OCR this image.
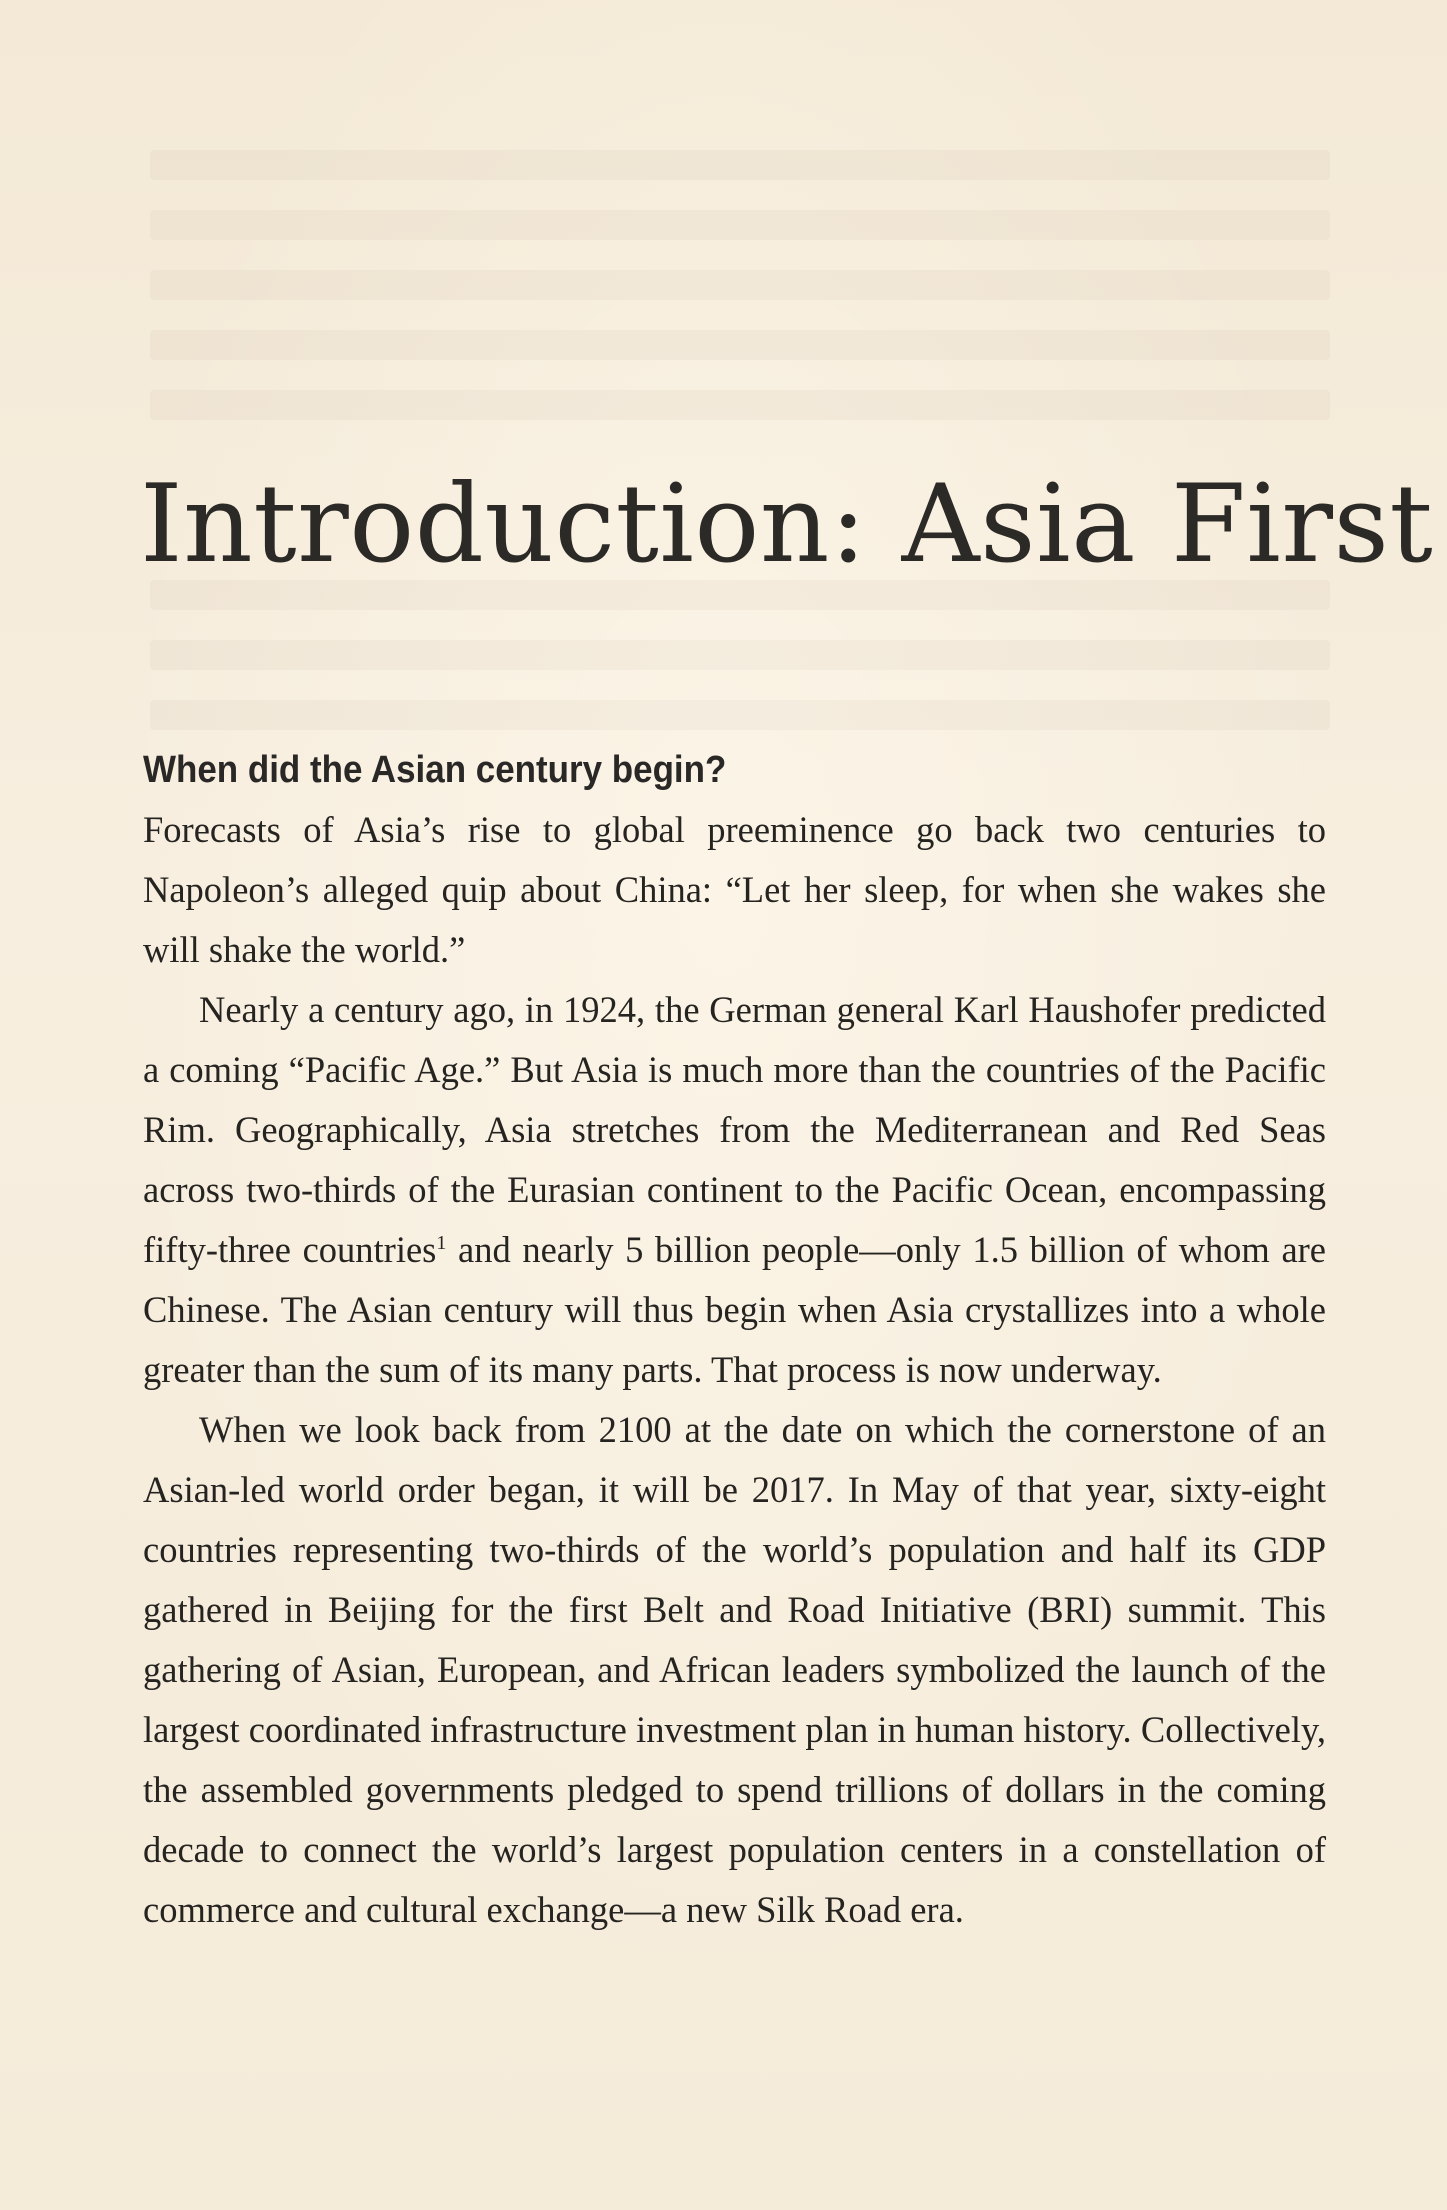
Introduction: Asia First
When did the Asian century begin?

Forecasts of Asia’s rise to global preeminence go back two centuries to Napoleon’s alleged quip about China: “Let her sleep, for when she wakes she will shake the world.”

Nearly a century ago, in 1924, the German general Karl Haushofer predicted a coming “Pacific Age.” But Asia is much more than the countries of the Pacific Rim. Geographically, Asia stretches from the Mediterranean and Red Seas across two-thirds of the Eurasian continent to the Pacific Ocean, encompassing fifty-three countries$^1$ and nearly 5 billion people—only 1.5 billion of whom are Chinese. The Asian century will thus begin when Asia crystallizes into a whole greater than the sum of its many parts. That process is now underway.

When we look back from 2100 at the date on which the cornerstone of an Asian-led world order began, it will be 2017. In May of that year, sixty-eight countries representing two-thirds of the world’s population and half its GDP gathered in Beijing for the first Belt and Road Initiative (BRI) summit. This gathering of Asian, European, and African leaders symbolized the launch of the largest coordinated infrastructure investment plan in human history. Collectively, the assembled governments pledged to spend trillions of dollars in the coming decade to connect the world’s largest population centers in a constellation of commerce and cultural exchange—a new Silk Road era.
